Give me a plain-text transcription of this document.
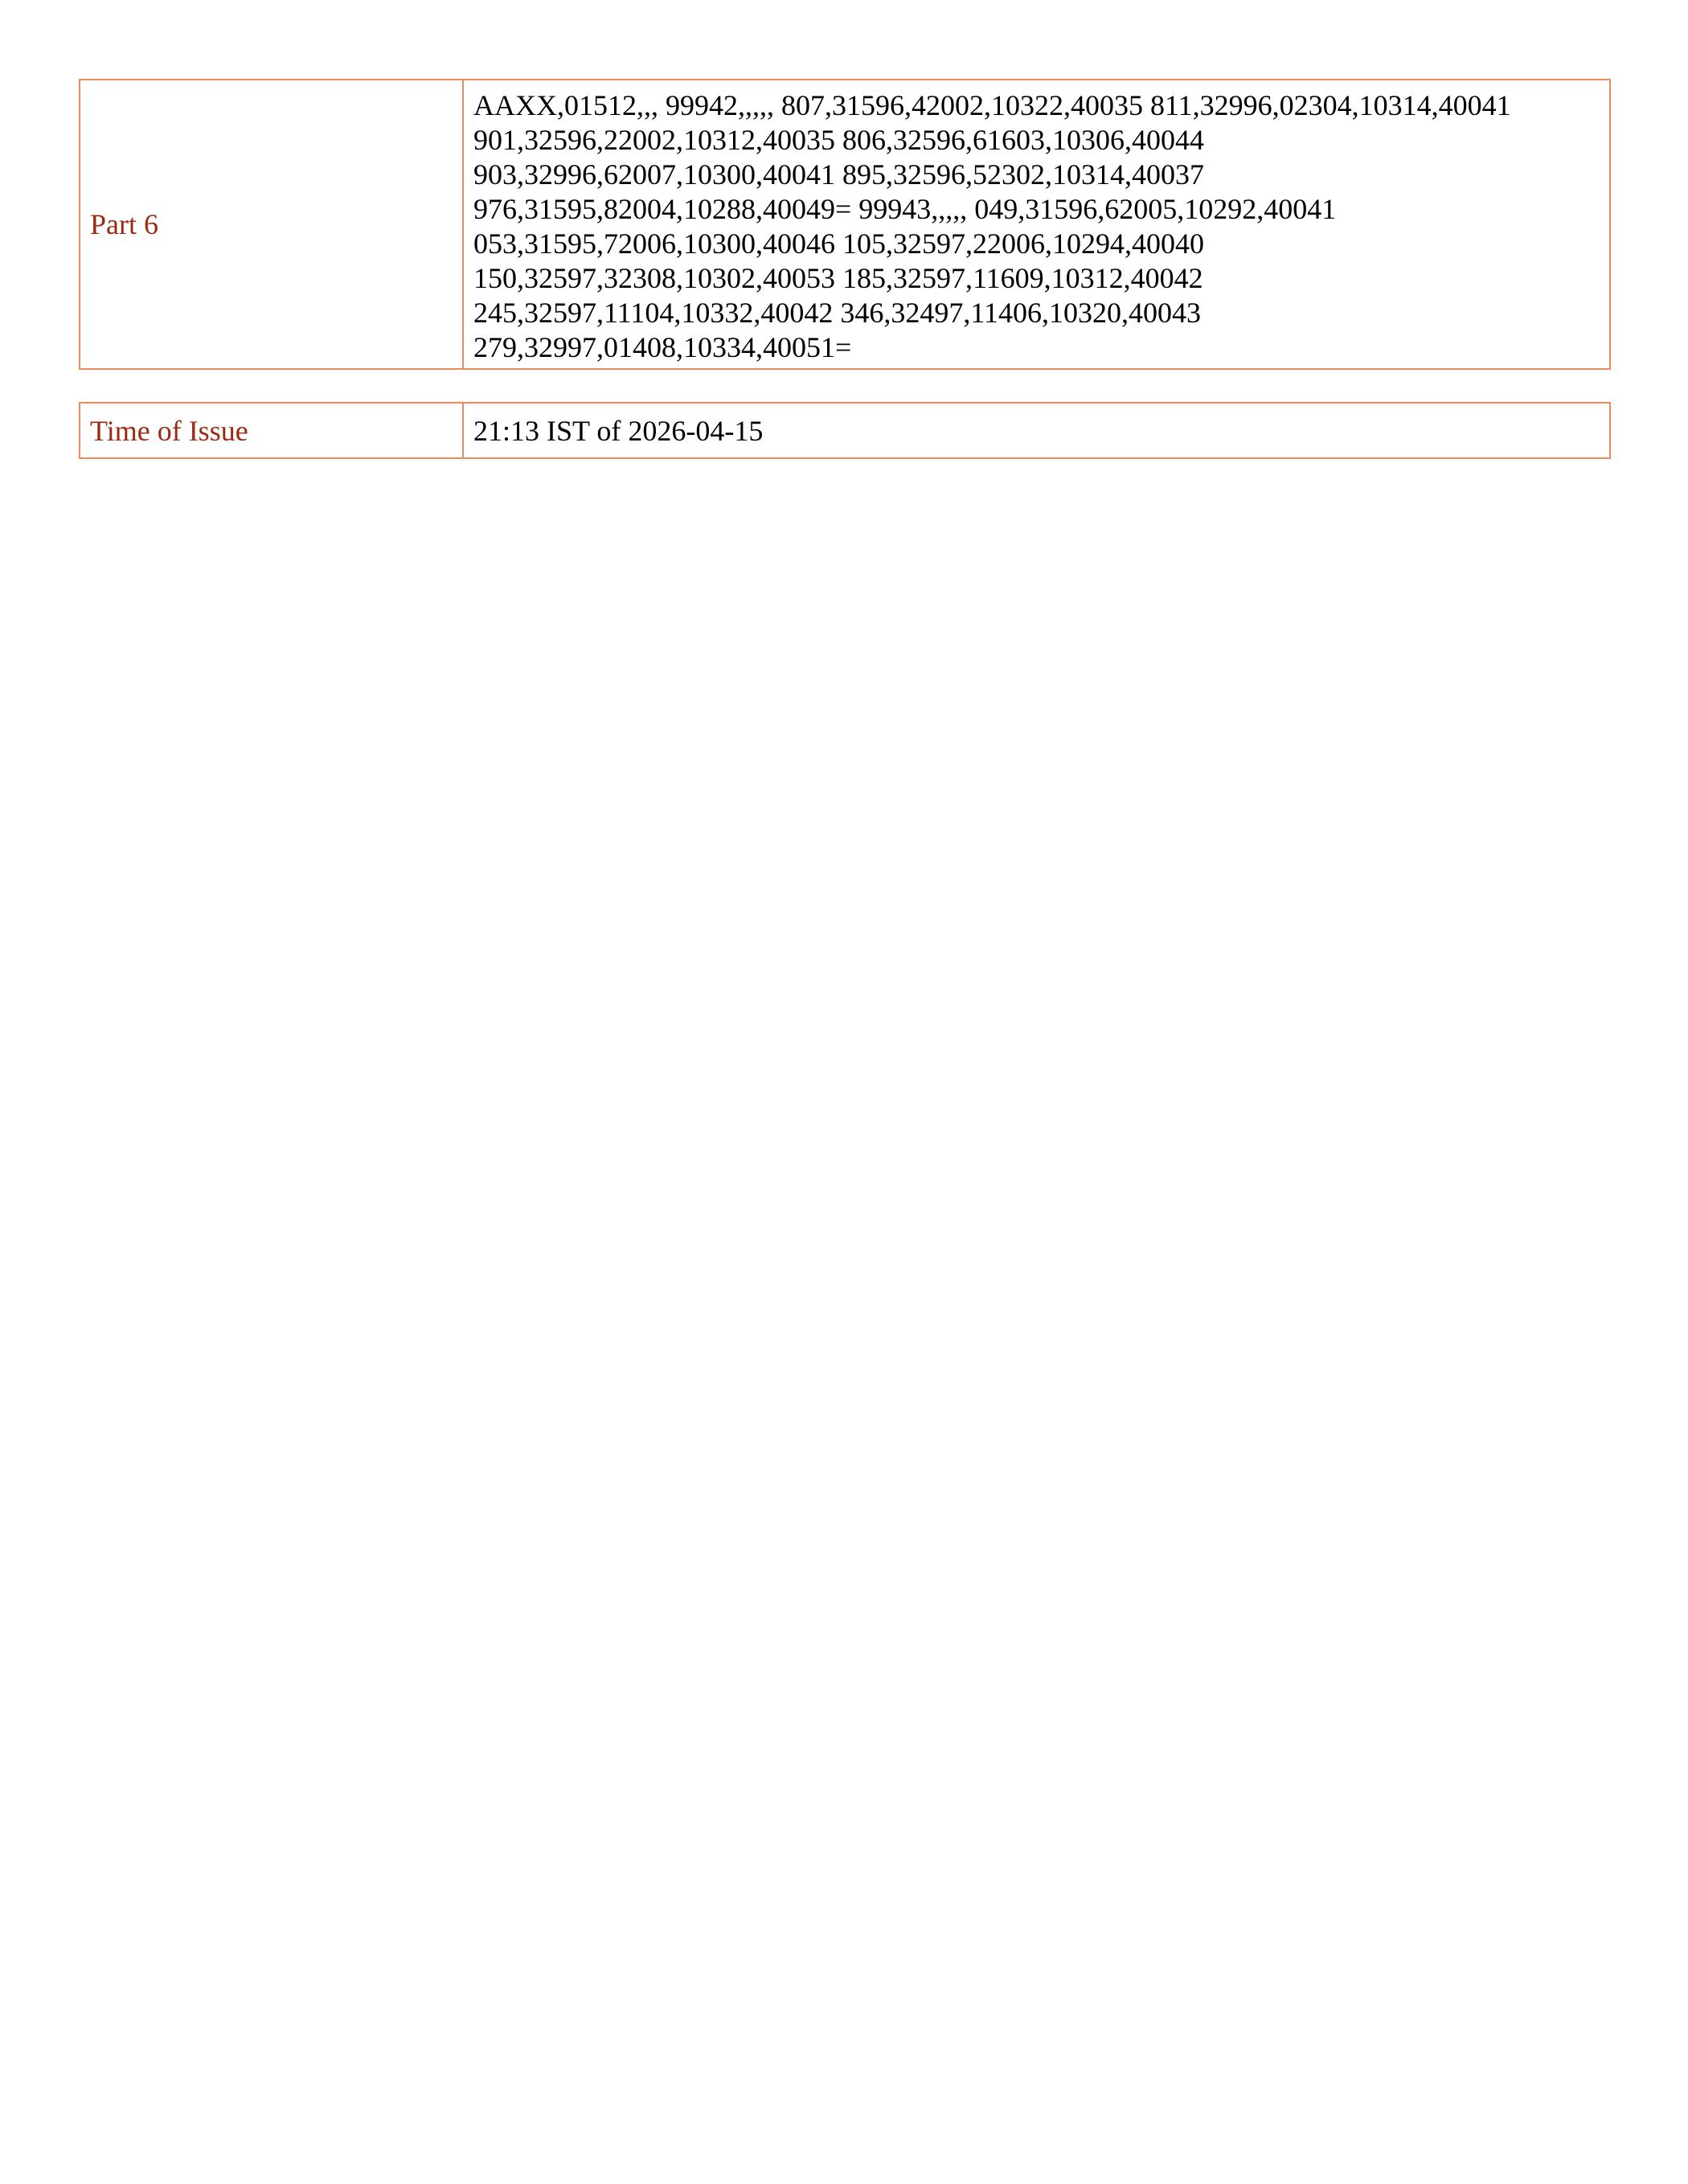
Part 6	
AAXX,01512,,, 99942,,,,, 807,31596,42002,10322,40035 811,32996,02304,10314,40041
901,32596,22002,10312,40035 806,32596,61603,10306,40044
903,32996,62007,10300,40041 895,32596,52302,10314,40037
976,31595,82004,10288,40049= 99943,,,,, 049,31596,62005,10292,40041
053,31595,72006,10300,40046 105,32597,22006,10294,40040
150,32597,32308,10302,40053 185,32597,11609,10312,40042
245,32597,11104,10332,40042 346,32497,11406,10320,40043
279,32997,01408,10334,40051=
Time of Issue	21:13 IST of 2026-04-15
